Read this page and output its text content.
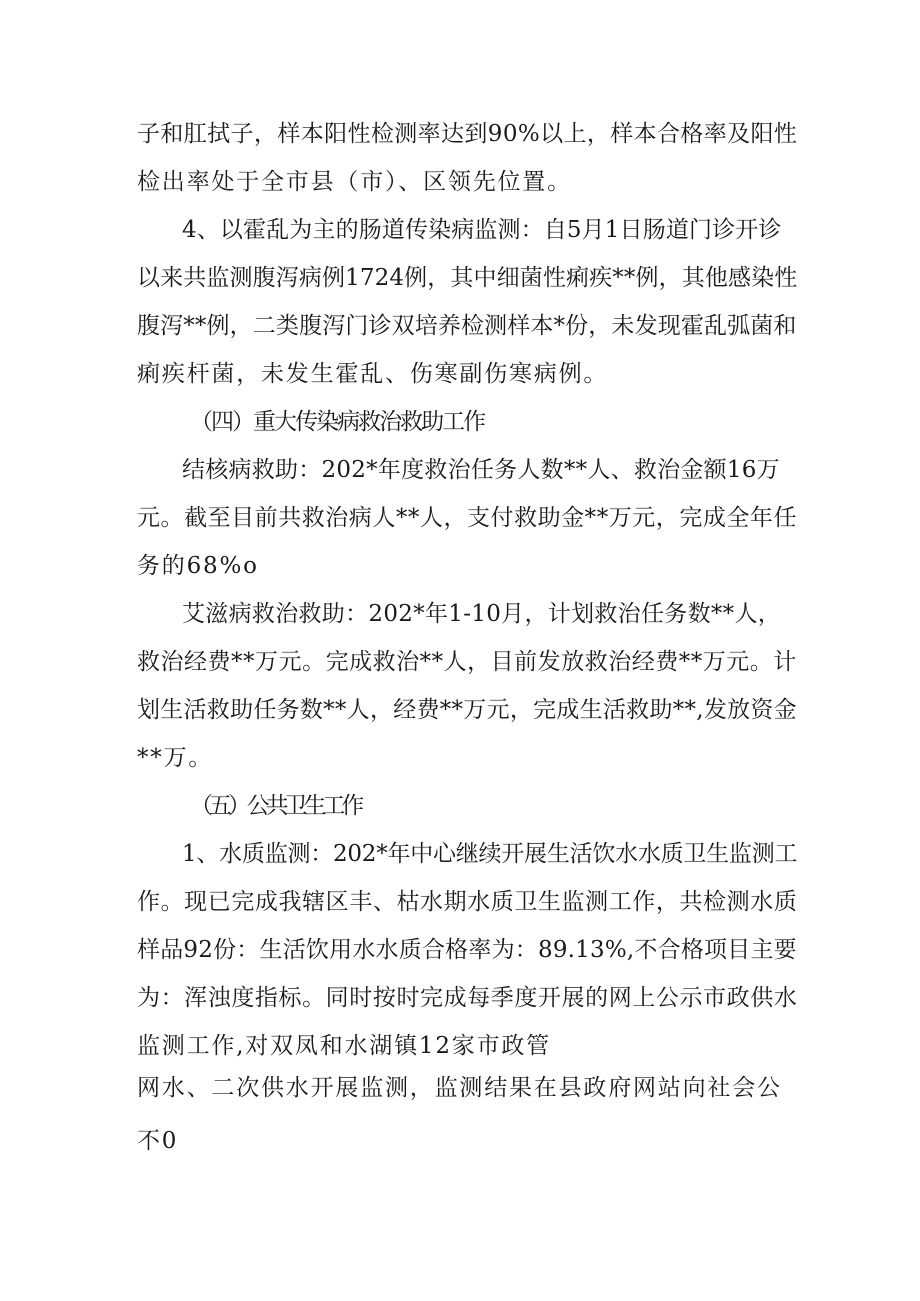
子和肛拭子，样本阳性检测率达到90%以上，样本合格率及阳性
检出率处于全市县（市）、区领先位置。
4、以霍乱为主的肠道传染病监测：自5月1日肠道门诊开诊
以来共监测腹泻病例1724例，其中细菌性痢疾**例，其他感染性
腹泻**例，二类腹泻门诊双培养检测样本*份，未发现霍乱弧菌和
痢疾杆菌，未发生霍乱、伤寒副伤寒病例。
（四）重大传染病救治救助工作
结核病救助：202*年度救治任务人数**人、救治金额16万
元。截至目前共救治病人**人，支付救助金**万元，完成全年任
务的68%o
艾滋病救治救助：202*年1-10月，计划救治任务数**人，
救治经费**万元。完成救治**人，目前发放救治经费**万元。计
划生活救助任务数**人，经费**万元，完成生活救助**,发放资金
**万。
（五）公共卫生工作
1、水质监测：202*年中心继续开展生活饮水水质卫生监测工
作。现已完成我辖区丰、枯水期水质卫生监测工作，共检测水质
样品92份：生活饮用水水质合格率为：89.13%,不合格项目主要
为：浑浊度指标。同时按时完成每季度开展的网上公示市政供水
监测工作,对双凤和水湖镇12家市政管
网水、二次供水开展监测，监测结果在县政府网站向社会公
不0
